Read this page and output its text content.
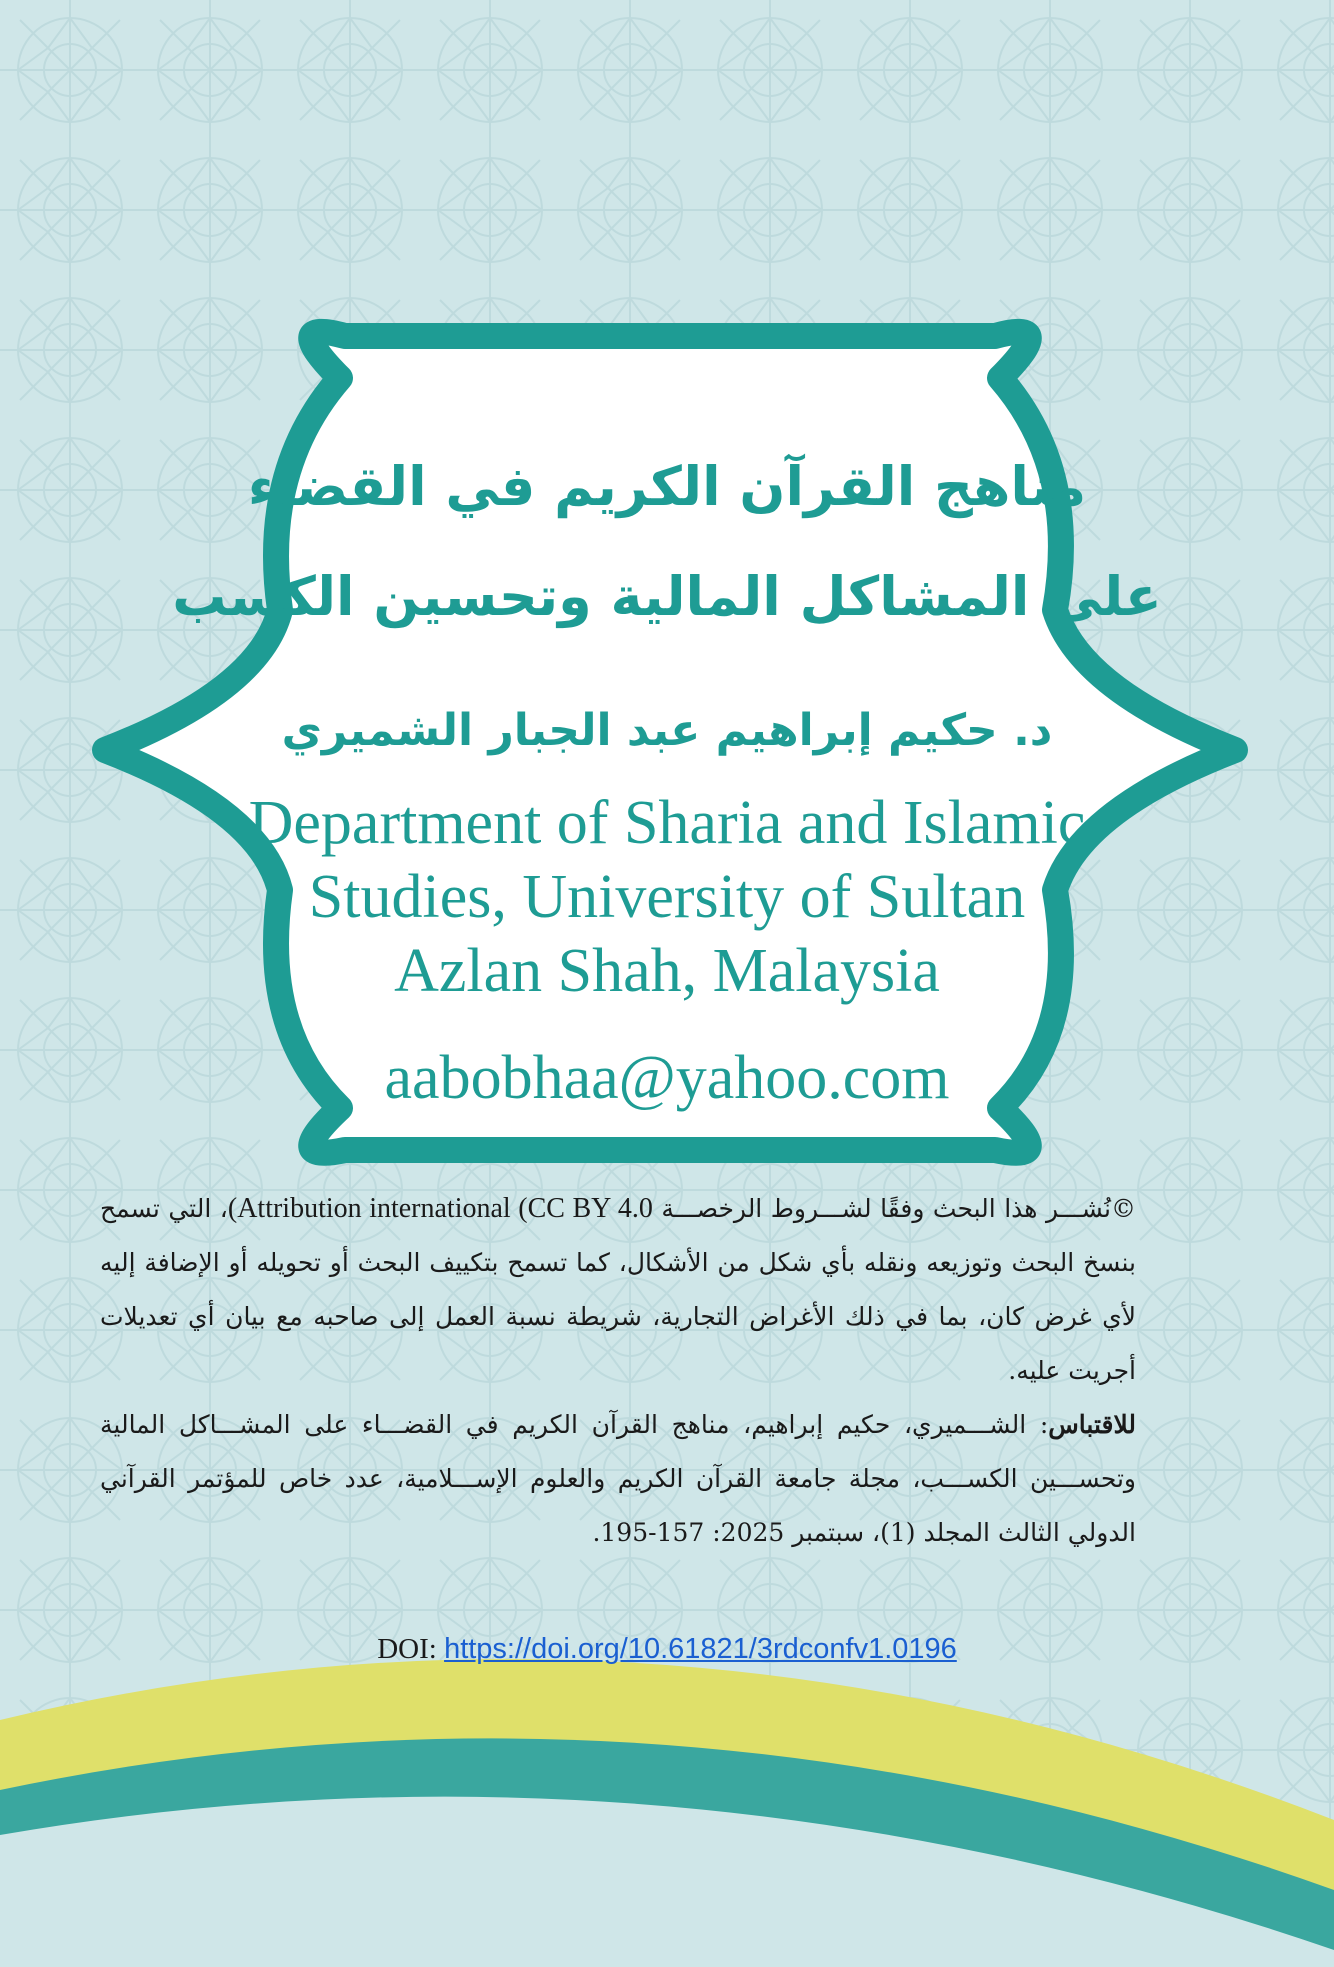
مناهج القرآن الكريم في القضاء
على المشاكل المالية وتحسين الكسب
د. حكيم إبراهيم عبد الجبار الشميري
Department of Sharia and Islamic
Studies, University of Sultan
Azlan Shah, Malaysia
aabobhaa@yahoo.com

©نُشـــر هذا البحث وفقًا لشـــروط الرخصـــة (Attribution international (CC BY 4.0، التي تسمح بنسخ البحث وتوزيعه ونقله بأي شكل من الأشكال، كما تسمح بتكييف البحث أو تحويله أو الإضافة إليه لأي غرض كان، بما في ذلك الأغراض التجارية، شريطة نسبة العمل إلى صاحبه مع بيان أي تعديلات أجريت عليه.

للاقتباس: الشـــميري، حكيم إبراهيم، مناهج القرآن الكريم في القضـــاء على المشـــاكل المالية وتحســـين الكســـب، مجلة جامعة القرآن الكريم والعلوم الإســـلامية، عدد خاص للمؤتمر القرآني الدولي الثالث المجلد (1)، سبتمبر 2025: 157-195.

DOI: https://doi.org/10.61821/3rdconfv1.0196
